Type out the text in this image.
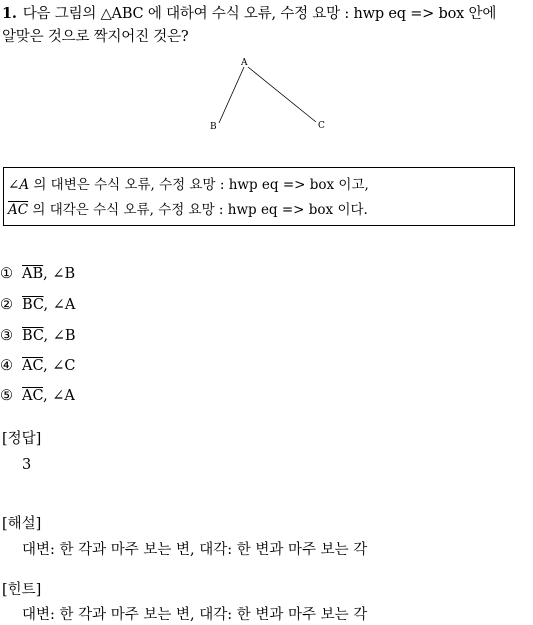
1. 다음 그림의 △ABC 에 대하여 수식 오류, 수정 요망 : hwp eq => box 안에
알맞은 것으로 짝지어진 것은?
A
B	C
∠A 의 대변은 수식 오류, 수정 요망 : hwp eq => box 이고,
$\overline{AC}$ 의 대각은 수식 오류, 수정 요망 : hwp eq => box 이다.
① $\overline{AB}$, ∠B
② $\overline{BC}$, ∠A
③ $\overline{BC}$, ∠B
④ $\overline{AC}$, ∠C
⑤ $\overline{AC}$, ∠A
[정답]
3
[해설]
대변: 한 각과 마주 보는 변, 대각: 한 변과 마주 보는 각
[힌트]
대변: 한 각과 마주 보는 변, 대각: 한 변과 마주 보는 각
